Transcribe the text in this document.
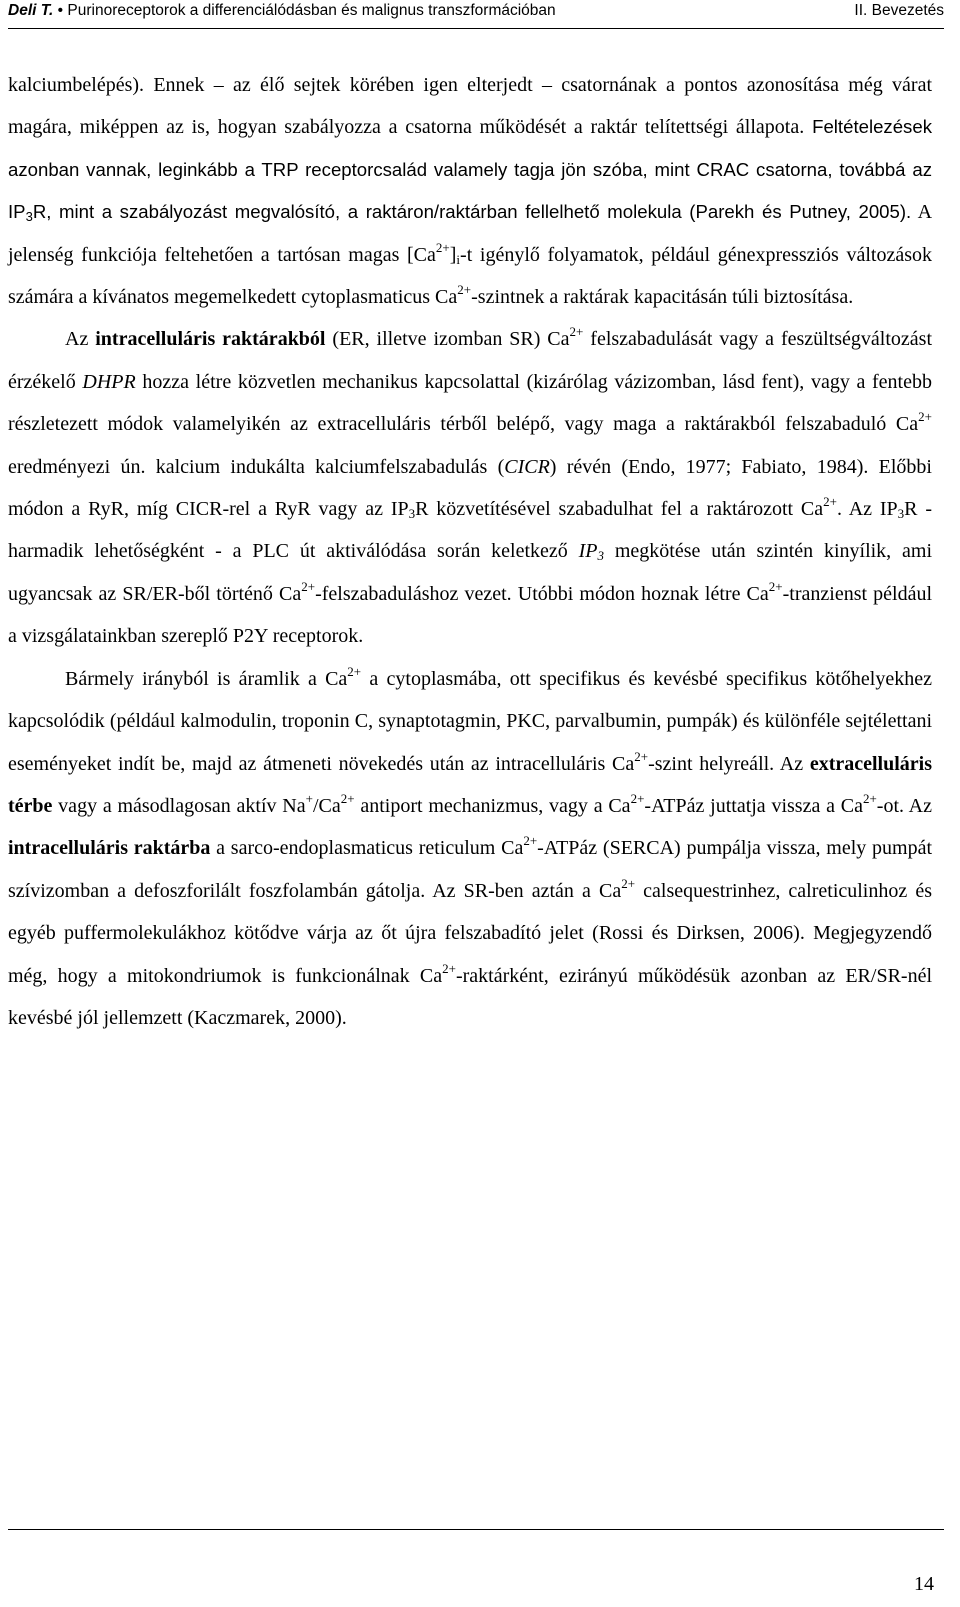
Deli T. • Purinoreceptorok a differenciálódásban és malignus transzformációban	II. Bevezetés

kalciumbelépés). Ennek – az élő sejtek körében igen elterjedt – csatornának a pontos azonosítása még várat magára, miképpen az is, hogyan szabályozza a csatorna működését a raktár telítettségi állapota. Feltételezések azonban vannak, leginkább a TRP receptorcsalád valamely tagja jön szóba, mint CRAC csatorna, továbbá az $IP_3R$, mint a szabályozást megvalósító, a raktáron/raktárban fellelhető molekula (Parekh és Putney, 2005). A jelenség funkciója feltehetően a tartósan magas $[Ca^{2+}]_i-t$ igénylő folyamatok, például génexpressziós változások számára a kívánatos megemelkedett cytoplasmaticus $Ca^{2+}$-szintnek a raktárak kapacitásán túli biztosítása.

Az intracelluláris raktárakból (ER, illetve izomban SR) $Ca^{2+}$ felszabadulását vagy a feszültségváltozást érzékelő DHPR hozza létre közvetlen mechanikus kapcsolattal (kizárólag vázizomban, lásd fent), vagy a fentebb részletezett módok valamelyikén az extracelluláris térből belépő, vagy maga a raktárakból felszabaduló $Ca^{2+}$ eredményezi ún. kalcium indukálta kalciumfelszabadulás (CICR) révén (Endo, 1977; Fabiato, 1984). Előbbi módon a RyR, míg CICR-rel a RyR vagy az $IP_3R$ közvetítésével szabadulhat fel a raktározott $Ca^{2+}$. Az $IP_3R$ - harmadik lehetőségként - a PLC út aktiválódása során keletkező $IP_3$ megkötése után szintén kinyílik, ami ugyancsak az SR/ER-ből történő $Ca^{2+}$-felszabaduláshoz vezet. Utóbbi módon hoznak létre $Ca^{2+}$-tranzienst például a vizsgálatainkban szereplő P2Y receptorok.

Bármely irányból is áramlik a $Ca^{2+}$ a cytoplasmába, ott specifikus és kevésbé specifikus kötőhelyekhez kapcsolódik (például kalmodulin, troponin C, synaptotagmin, PKC, parvalbumin, pumpák) és különféle sejtélettani eseményeket indít be, majd az átmeneti növekedés után az intracelluláris $Ca^{2+}$-szint helyreáll. Az extracelluláris térbe vagy a másodlagosan aktív $Na^+/Ca^{2+}$ antiport mechanizmus, vagy a $Ca^{2+}$-ATPáz juttatja vissza a $Ca^{2+}-ot$. Az intracelluláris raktárba a sarco-endoplasmaticus reticulum $Ca^{2+}$-ATPáz (SERCA) pumpálja vissza, mely pumpát szívizomban a defoszforilált foszfolambán gátolja. Az SR-ben aztán a $Ca^{2+}$ calsequestrinhez, calreticulinhoz és egyéb puffermolekulákhoz kötődve várja az őt újra felszabadító jelet (Rossi és Dirksen, 2006). Megjegyzendő még, hogy a mitokondriumok is funkcionálnak $Ca^{2+}$-raktárként, ezirányú működésük azonban az ER/SR-nél kevésbé jól jellemzett (Kaczmarek, 2000).

14
